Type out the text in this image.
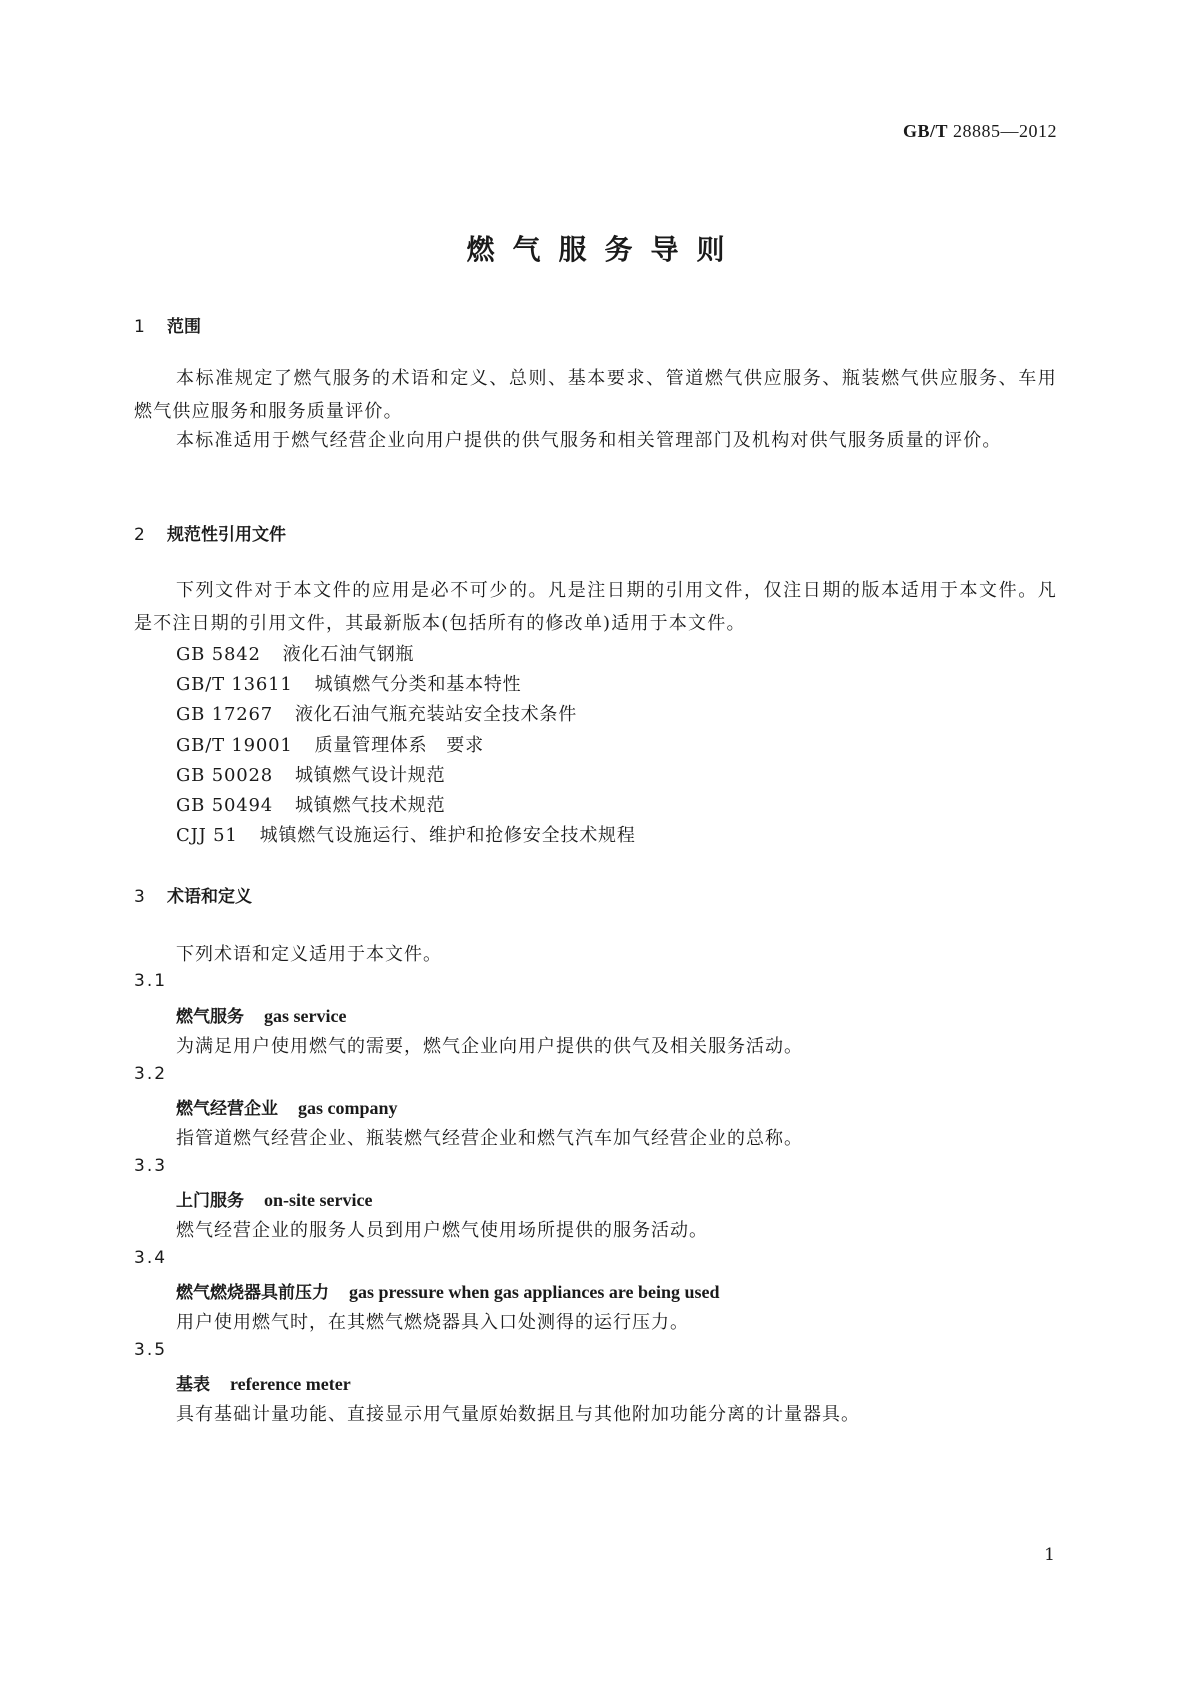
GB/T 28885—2012
燃气服务导则
1 范围
本标准规定了燃气服务的术语和定义、总则、基本要求、管道燃气供应服务、瓶装燃气供应服务、车用燃气供应服务和服务质量评价。
本标准适用于燃气经营企业向用户提供的供气服务和相关管理部门及机构对供气服务质量的评价。
2 规范性引用文件
下列文件对于本文件的应用是必不可少的。凡是注日期的引用文件，仅注日期的版本适用于本文件。凡是不注日期的引用文件，其最新版本(包括所有的修改单)适用于本文件。
GB 5842 液化石油气钢瓶
GB/T 13611 城镇燃气分类和基本特性
GB 17267 液化石油气瓶充装站安全技术条件
GB/T 19001 质量管理体系　要求
GB 50028 城镇燃气设计规范
GB 50494 城镇燃气技术规范
CJJ 51 城镇燃气设施运行、维护和抢修安全技术规程
3 术语和定义
下列术语和定义适用于本文件。
3.1
燃气服务 gas service
为满足用户使用燃气的需要，燃气企业向用户提供的供气及相关服务活动。
3.2
燃气经营企业 gas company
指管道燃气经营企业、瓶装燃气经营企业和燃气汽车加气经营企业的总称。
3.3
上门服务 on-site service
燃气经营企业的服务人员到用户燃气使用场所提供的服务活动。
3.4
燃气燃烧器具前压力 gas pressure when gas appliances are being used
用户使用燃气时，在其燃气燃烧器具入口处测得的运行压力。
3.5
基表 reference meter
具有基础计量功能、直接显示用气量原始数据且与其他附加功能分离的计量器具。
1
